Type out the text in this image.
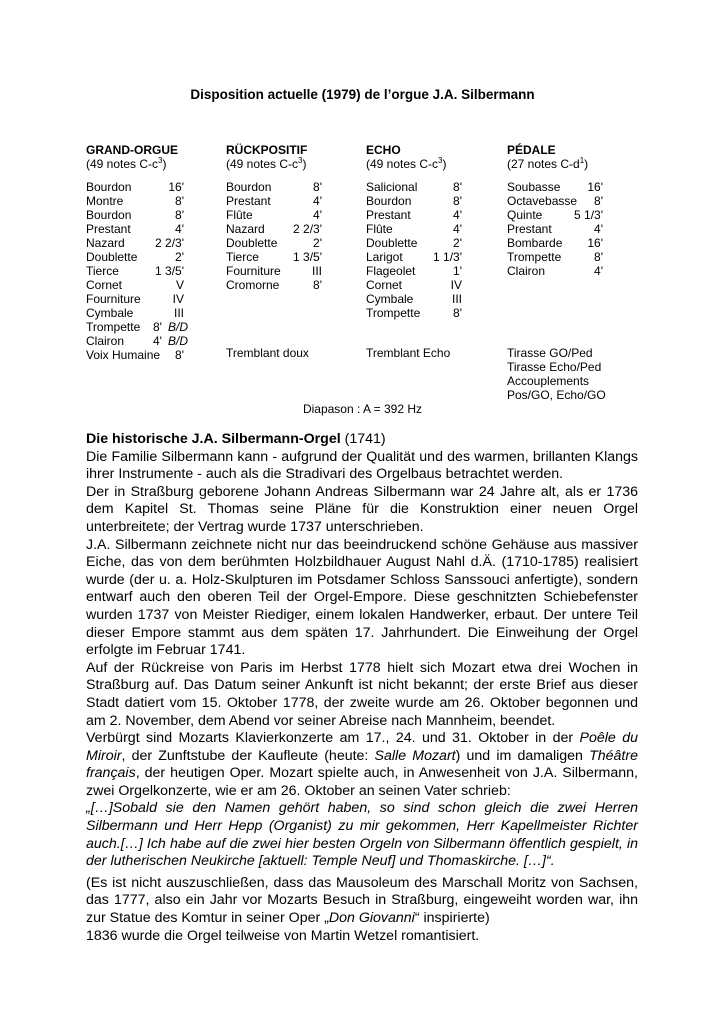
Disposition actuelle (1979) de l’orgue J.A. Silbermann
GRAND-ORGUE
(49 notes $C-c^3$)
Bourdon	16'
Montre	8'
Bourdon	8'
Prestant	4'
Nazard	2 2/3'
Doublette	2'
Tierce	1 3/5'
Cornet	V
Fourniture	IV
Cymbale	III
Trompette 8' B/D
Clairon 4' B/D
Voix Humaine	8'
RÜCKPOSITIF
(49 notes $C-c^3$)
Bourdon	8'
Prestant	4'
Flûte	4'
Nazard	2 2/3'
Doublette	2'
Tierce	1 3/5'
Fourniture	III
Cromorne	8'
Tremblant doux
ECHO
(49 notes $C-c^3$)
Salicional	8'
Bourdon	8'
Prestant	4'
Flûte	4'
Doublette	2'
Larigot	1 1/3'
Flageolet	1'
Cornet	IV
Cymbale	III
Trompette	8'
Tremblant Echo
PÉDALE
(27 notes $C-d^1$)
Soubasse	16'
Octavebasse	8'
Quinte	5 1/3'
Prestant	4'
Bombarde	16'
Trompette	8'
Clairon	4'
Tirasse GO/Ped
Tirasse Echo/Ped
Accouplements
Pos/GO, Echo/GO
Diapason : A = 392 Hz

Die historische J.A. Silbermann-Orgel (1741)

Die Familie Silbermann kann - aufgrund der Qualität und des warmen, brillanten Klangs ihrer Instrumente - auch als die Stradivari des Orgelbaus betrachtet werden.

Der in Straßburg geborene Johann Andreas Silbermann war 24 Jahre alt, als er 1736 dem Kapitel St. Thomas seine Pläne für die Konstruktion einer neuen Orgel unterbreitete; der Vertrag wurde 1737 unterschrieben.

J.A. Silbermann zeichnete nicht nur das beeindruckend schöne Gehäuse aus massiver Eiche, das von dem berühmten Holzbildhauer August Nahl d.Ä. (1710-1785) realisiert wurde (der u. a. Holz-Skulpturen im Potsdamer Schloss Sanssouci anfertigte), sondern entwarf auch den oberen Teil der Orgel-Empore. Diese geschnitzten Schiebefenster wurden 1737 von Meister Riediger, einem lokalen Handwerker, erbaut. Der untere Teil dieser Empore stammt aus dem späten 17. Jahrhundert. Die Einweihung der Orgel erfolgte im Februar 1741.

Auf der Rückreise von Paris im Herbst 1778 hielt sich Mozart etwa drei Wochen in Straßburg auf. Das Datum seiner Ankunft ist nicht bekannt; der erste Brief aus dieser Stadt datiert vom 15. Oktober 1778, der zweite wurde am 26. Oktober begonnen und am 2. November, dem Abend vor seiner Abreise nach Mannheim, beendet.

Verbürgt sind Mozarts Klavierkonzerte am 17., 24. und 31. Oktober in der Poêle du Miroir, der Zunftstube der Kaufleute (heute: Salle Mozart) und im damaligen Théâtre français, der heutigen Oper. Mozart spielte auch, in Anwesenheit von J.A. Silbermann, zwei Orgelkonzerte, wie er am 26. Oktober an seinen Vater schrieb:

„[…]Sobald sie den Namen gehört haben, so sind schon gleich die zwei Herren Silbermann und Herr Hepp (Organist) zu mir gekommen, Herr Kapellmeister Richter auch.[…] Ich habe auf die zwei hier besten Orgeln von Silbermann öffentlich gespielt, in der lutherischen Neukirche [aktuell: Temple Neuf] und Thomaskirche. […]“.

(Es ist nicht auszuschließen, dass das Mausoleum des Marschall Moritz von Sachsen, das 1777, also ein Jahr vor Mozarts Besuch in Straßburg, eingeweiht worden war, ihn zur Statue des Komtur in seiner Oper „Don Giovanni“ inspirierte)

1836 wurde die Orgel teilweise von Martin Wetzel romantisiert.
